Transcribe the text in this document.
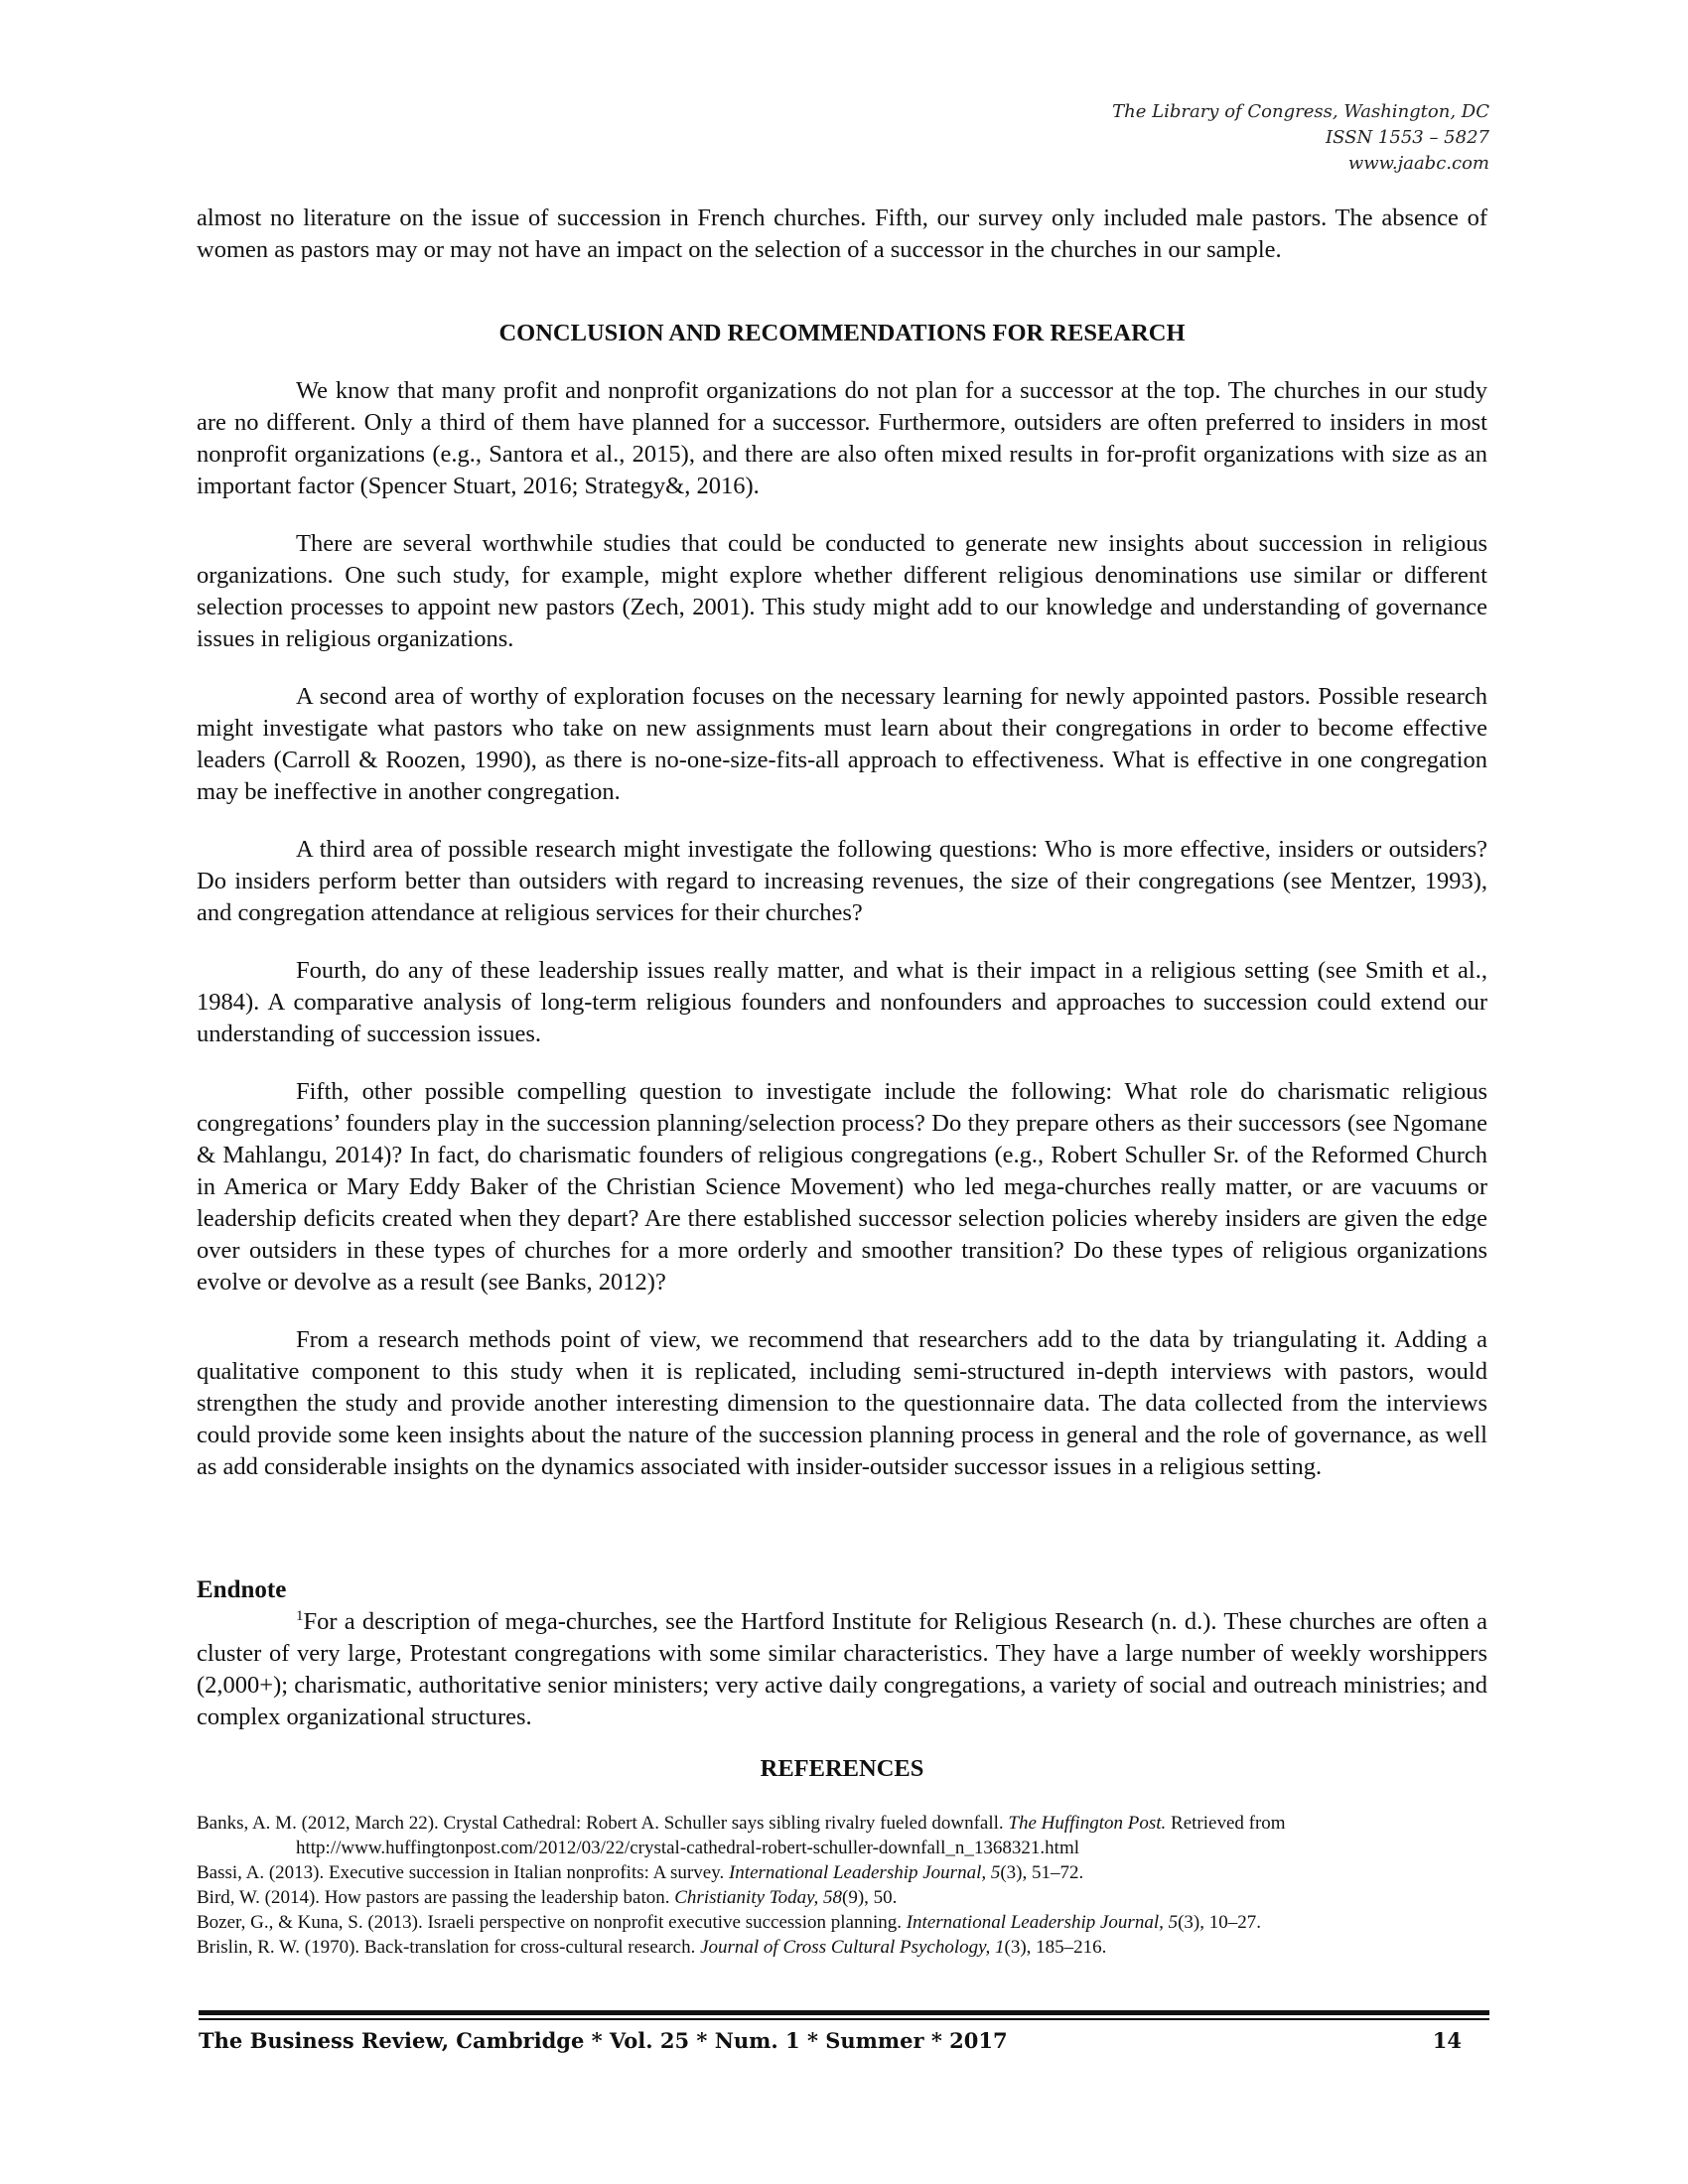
The Library of Congress, Washington, DC
ISSN 1553 – 5827
www.jaabc.com

almost no literature on the issue of succession in French churches. Fifth, our survey only included male pastors. The absence of women as pastors may or may not have an impact on the selection of a successor in the churches in our sample.

CONCLUSION AND RECOMMENDATIONS FOR RESEARCH

We know that many profit and nonprofit organizations do not plan for a successor at the top. The churches in our study are no different. Only a third of them have planned for a successor. Furthermore, outsiders are often preferred to insiders in most nonprofit organizations (e.g., Santora et al., 2015), and there are also often mixed results in for-profit organizations with size as an important factor (Spencer Stuart, 2016; Strategy&, 2016).

There are several worthwhile studies that could be conducted to generate new insights about succession in religious organizations. One such study, for example, might explore whether different religious denominations use similar or different selection processes to appoint new pastors (Zech, 2001). This study might add to our knowledge and understanding of governance issues in religious organizations.

A second area of worthy of exploration focuses on the necessary learning for newly appointed pastors. Possible research might investigate what pastors who take on new assignments must learn about their congregations in order to become effective leaders (Carroll & Roozen, 1990), as there is no-one-size-fits-all approach to effectiveness. What is effective in one congregation may be ineffective in another congregation.

A third area of possible research might investigate the following questions: Who is more effective, insiders or outsiders? Do insiders perform better than outsiders with regard to increasing revenues, the size of their congregations (see Mentzer, 1993), and congregation attendance at religious services for their churches?

Fourth, do any of these leadership issues really matter, and what is their impact in a religious setting (see Smith et al., 1984). A comparative analysis of long-term religious founders and nonfounders and approaches to succession could extend our understanding of succession issues.

Fifth, other possible compelling question to investigate include the following: What role do charismatic religious congregations’ founders play in the succession planning/selection process? Do they prepare others as their successors (see Ngomane & Mahlangu, 2014)? In fact, do charismatic founders of religious congregations (e.g., Robert Schuller Sr. of the Reformed Church in America or Mary Eddy Baker of the Christian Science Movement) who led mega-churches really matter, or are vacuums or leadership deficits created when they depart? Are there established successor selection policies whereby insiders are given the edge over outsiders in these types of churches for a more orderly and smoother transition? Do these types of religious organizations evolve or devolve as a result (see Banks, 2012)?

From a research methods point of view, we recommend that researchers add to the data by triangulating it. Adding a qualitative component to this study when it is replicated, including semi-structured in-depth interviews with pastors, would strengthen the study and provide another interesting dimension to the questionnaire data. The data collected from the interviews could provide some keen insights about the nature of the succession planning process in general and the role of governance, as well as add considerable insights on the dynamics associated with insider-outsider successor issues in a religious setting.

Endnote

$^1$For a description of mega-churches, see the Hartford Institute for Religious Research (n. d.). These churches are often a cluster of very large, Protestant congregations with some similar characteristics. They have a large number of weekly worshippers (2,000+); charismatic, authoritative senior ministers; very active daily congregations, a variety of social and outreach ministries; and complex organizational structures.

REFERENCES

Banks, A. M. (2012, March 22). Crystal Cathedral: Robert A. Schuller says sibling rivalry fueled downfall. The Huffington Post. Retrieved from http://www.huffingtonpost.com/2012/03/22/crystal-cathedral-robert-schuller-downfall_n_1368321.html

Bassi, A. (2013). Executive succession in Italian nonprofits: A survey. International Leadership Journal, 5(3), 51–72.

Bird, W. (2014). How pastors are passing the leadership baton. Christianity Today, 58(9), 50.

Bozer, G., & Kuna, S. (2013). Israeli perspective on nonprofit executive succession planning. International Leadership Journal, 5(3), 10–27.

Brislin, R. W. (1970). Back-translation for cross-cultural research. Journal of Cross Cultural Psychology, 1(3), 185–216.

The Business Review, Cambridge * Vol. 25 * Num. 1 * Summer * 2017	14
